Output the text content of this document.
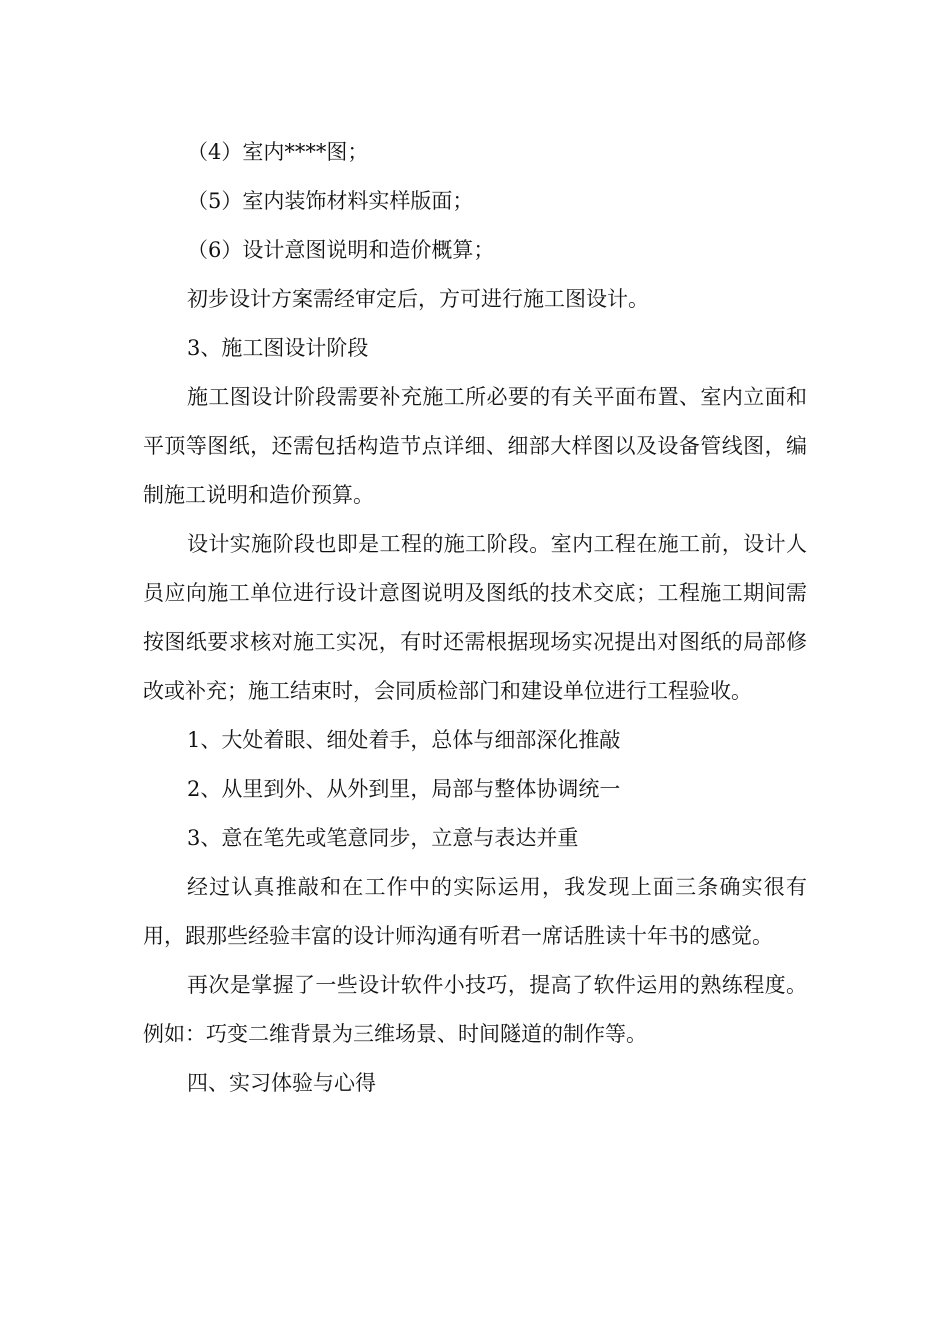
（4）室内****图；

（5）室内装饰材料实样版面；

（6）设计意图说明和造价概算；

初步设计方案需经审定后，方可进行施工图设计。

3、施工图设计阶段

施工图设计阶段需要补充施工所必要的有关平面布置、室内立面和平顶等图纸，还需包括构造节点详细、细部大样图以及设备管线图，编制施工说明和造价预算。

设计实施阶段也即是工程的施工阶段。室内工程在施工前，设计人员应向施工单位进行设计意图说明及图纸的技术交底；工程施工期间需按图纸要求核对施工实况，有时还需根据现场实况提出对图纸的局部修改或补充；施工结束时，会同质检部门和建设单位进行工程验收。

1、大处着眼、细处着手，总体与细部深化推敲

2、从里到外、从外到里，局部与整体协调统一

3、意在笔先或笔意同步，立意与表达并重

经过认真推敲和在工作中的实际运用，我发现上面三条确实很有用，跟那些经验丰富的设计师沟通有听君一席话胜读十年书的感觉。

再次是掌握了一些设计软件小技巧，提高了软件运用的熟练程度。例如：巧变二维背景为三维场景、时间隧道的制作等。

四、实习体验与心得
